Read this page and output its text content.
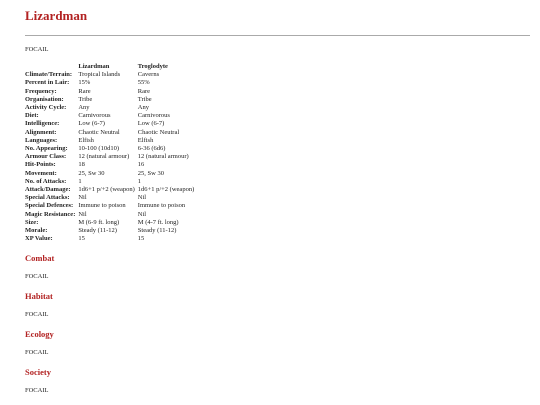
Lizardman

FOCAIL

	Lizardman	Troglodyte
Climate/Terrain:	Tropical Islands	Caverns
Percent in Lair:	15%	55%
Frequency:	Rare	Rare
Organisation:	Tribe	Tribe
Activity Cycle:	Any	Any
Diet:	Carnivorous	Carnivorous
Intelligence:	Low (6-7)	Low (6-7)
Alignment:	Chaotic Neutral	Chaotic Neutral
Languages:	Elfish	Elfish
No. Appearing:	10-100 (10d10)	6-36 (6d6)
Armour Class:	12 (natural armour)	12 (natural armour)
Hit-Points:	18	16
Movement:	25, Sw 30	25, Sw 30
No. of Attacks:	1	1
Attack/Damage:	1d6+1 p/+2 (weapon)	1d6+1 p/+2 (weapon)
Special Attacks:	Nil	Nil
Special Defences:	Immune to poison	Immune to poison
Magic Resistance:	Nil	Nil
Size:	M (6-9 ft. long)	M (4-7 ft. long)
Morale:	Steady (11-12)	Steady (11-12)
XP Value:	15	15
Combat

FOCAIL

Habitat

FOCAIL

Ecology

FOCAIL

Society

FOCAIL
